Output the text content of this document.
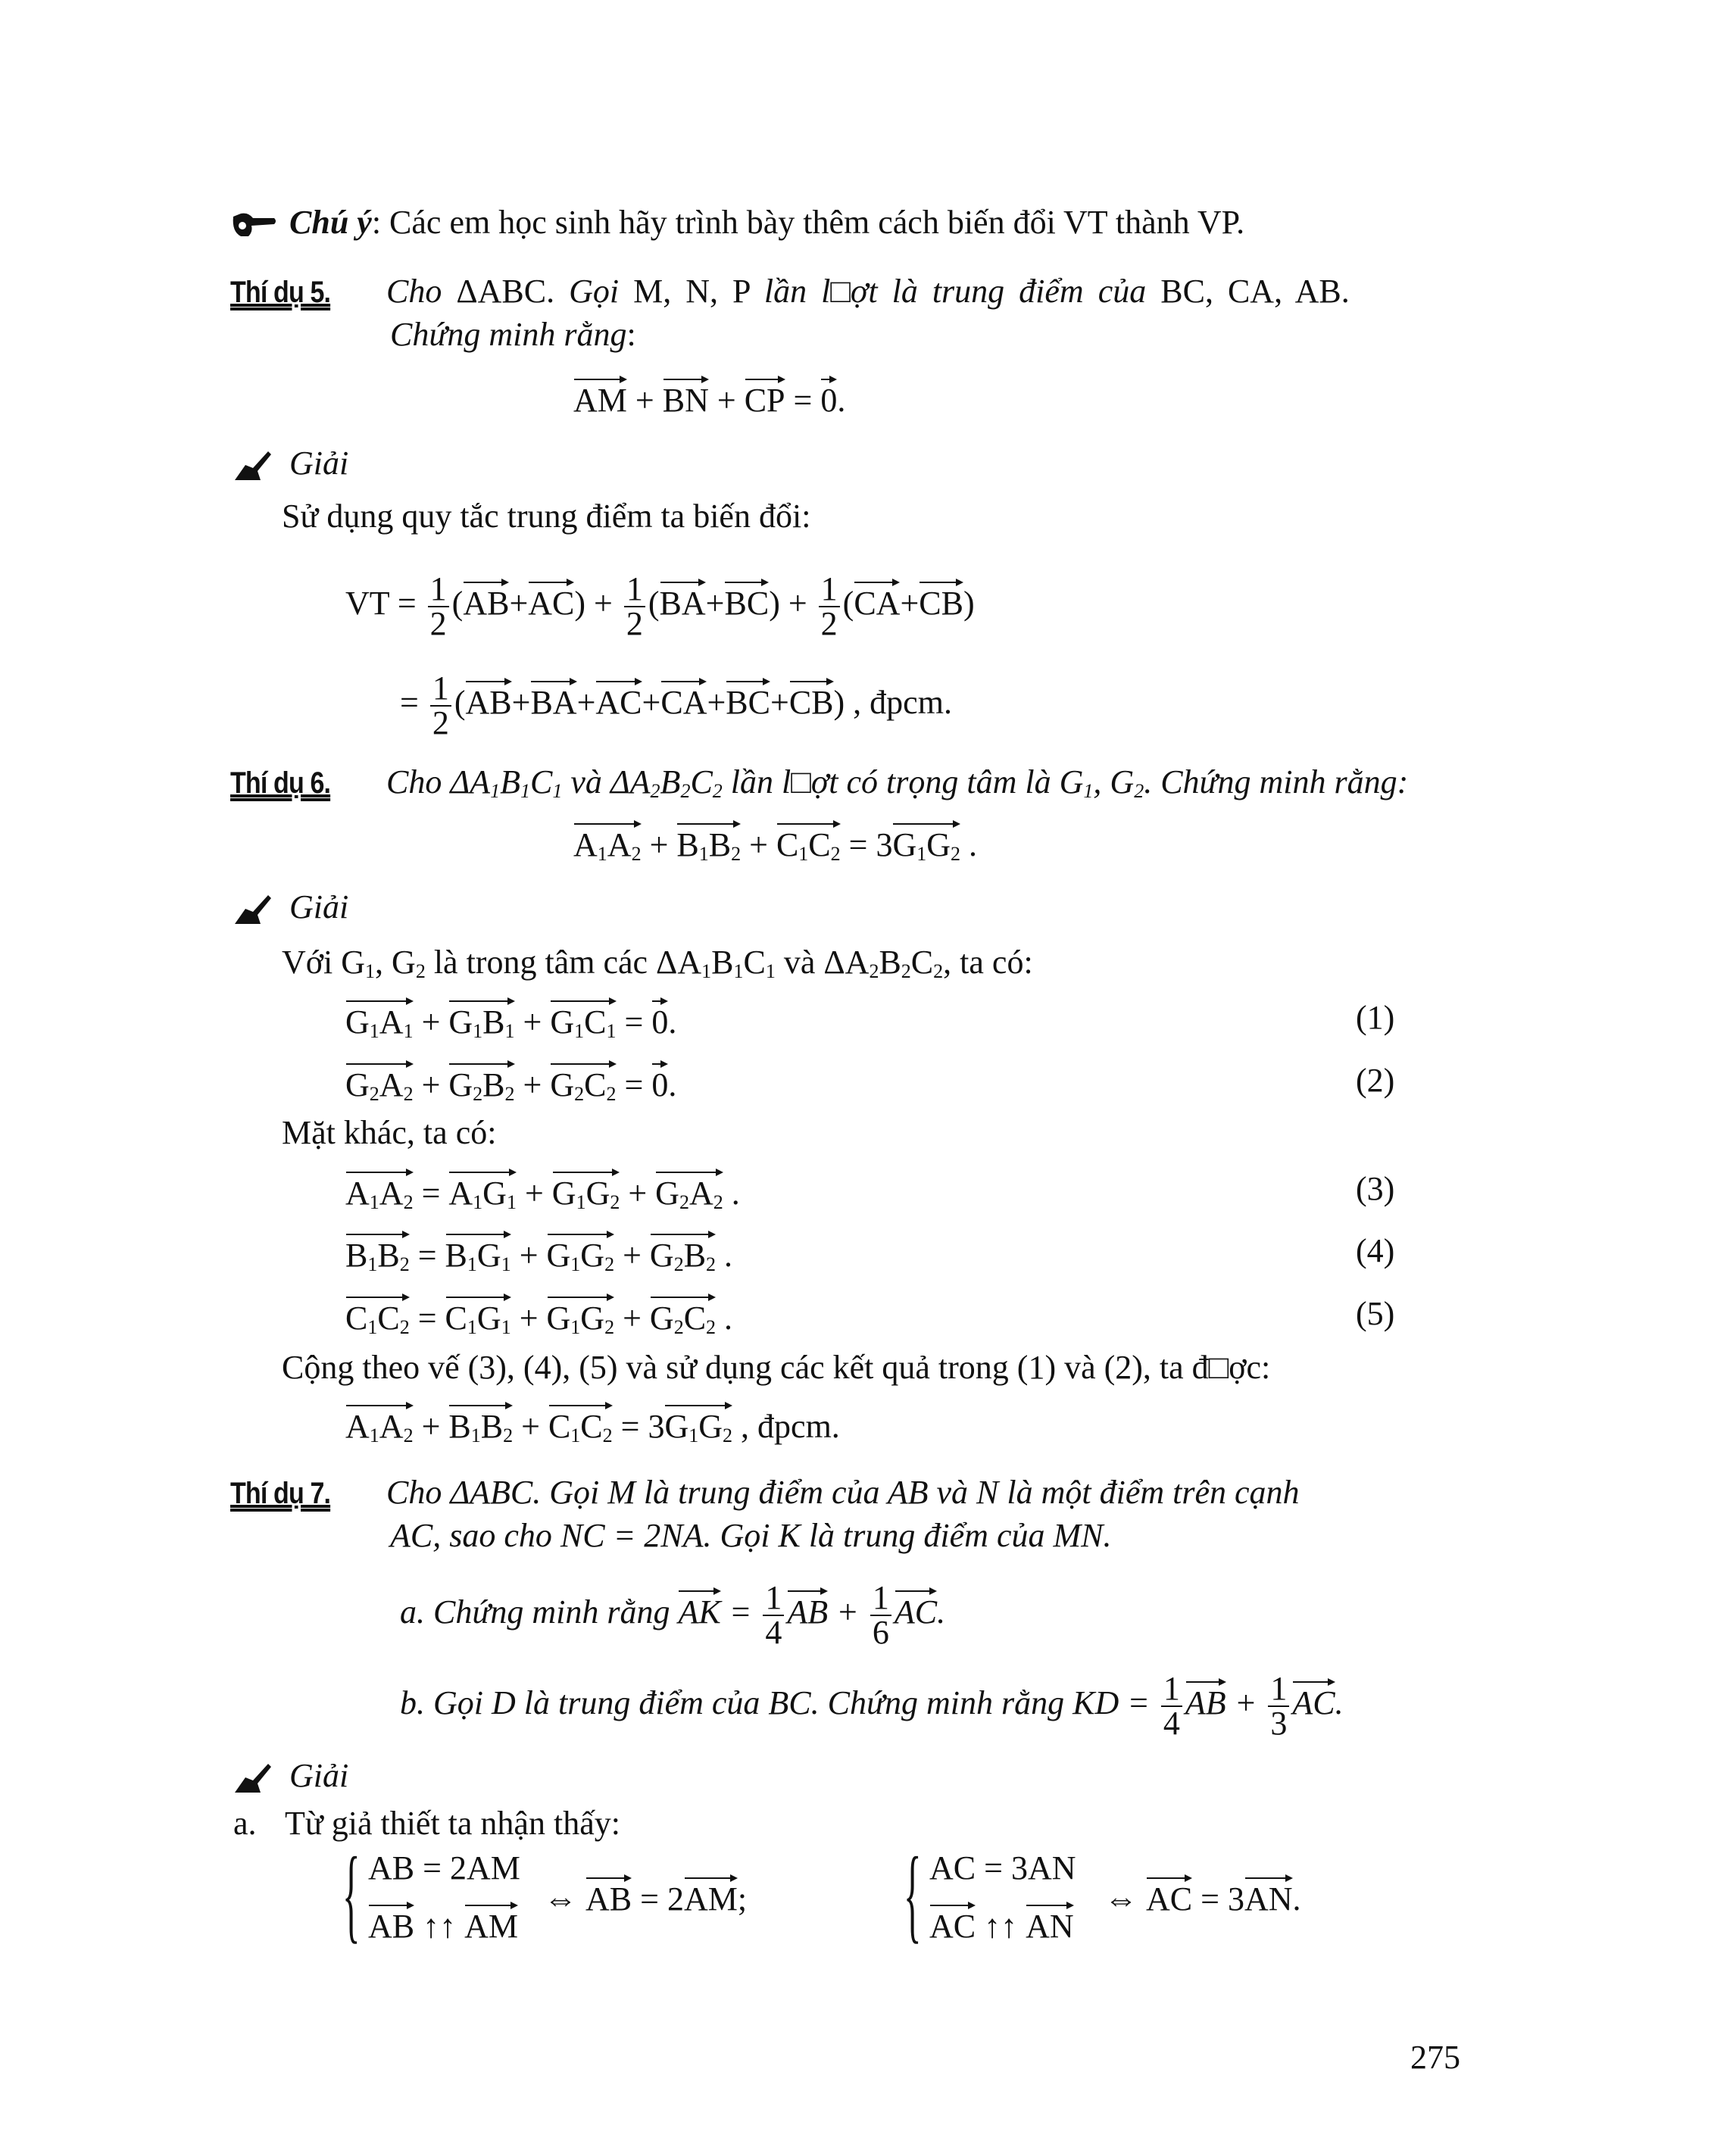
Chú ý: Các em học sinh hãy trình bày thêm cách biến đổi VT thành VP.
Thí dụ 5.	Cho ΔABC. Gọi M, N, P lần l□ợt là trung điểm của BC, CA, AB.
Chứng minh rằng:
AM + BN + CP = 0.
Giải
Sử dụng quy tắc trung điểm ta biến đổi:
VT = $\frac{1}{2} (AB+AC) + \frac{1}{2} (BA+BC) + \frac{1}{2} (CA+CB)$
= $\frac{1}{2} (AB+BA+AC+CA+BC+CB)$ , đpcm.
Thí dụ 6.	Cho $\Delta A_1B_1C_1$ và $\Delta A_2B_2C_2$ lần l□ợt có trọng tâm là $G_1$, $G_2$. Chứng minh rằng:
$A_1A_2 + B_1B_2 + C_1C_2 = 3G_1G_2$ .
Giải
Với $G_1$, $G_2$ là trong tâm các $\Delta A_1B_1C_1$ và $\Delta A_2B_2C_2$, ta có:
$G_1A_1 + G_1B_1 + G_1C_1 = 0$.	(1)
$G_2A_2 + G_2B_2 + G_2C_2 = 0$.	(2)
Mặt khác, ta có:
$A_1A_2 = A_1G_1 + G_1G_2 + G_2A_2$ .	(3)
$B_1B_2 = B_1G_1 + G_1G_2 + G_2B_2$ .	(4)
$C_1C_2 = C_1G_1 + G_1G_2 + G_2C_2$ .	(5)
Cộng theo vế (3), (4), (5) và sử dụng các kết quả trong (1) và (2), ta đ□ợc:
$A_1A_2 + B_1B_2 + C_1C_2 = 3G_1G_2$ , đpcm.
Thí dụ 7.	Cho ΔABC. Gọi M là trung điểm của AB và N là một điểm trên cạnh
AC, sao cho NC = 2NA. Gọi K là trung điểm của MN.
a. Chứng minh rằng AK = $\frac{1}{4}$ AB + $\frac{1}{6}$ AC.
b. Gọi D là trung điểm của BC. Chứng minh rằng KD = $\frac{1}{4}$ AB + $\frac{1}{3}$ AC.
Giải
a. Từ giả thiết ta nhận thấy:
{ AB = 2AM
AB ↑↑ AM
⇔ AB = 2AM; { AC = 3AN
AC ↑↑ AN
⇔ AC = 3AN.
275
